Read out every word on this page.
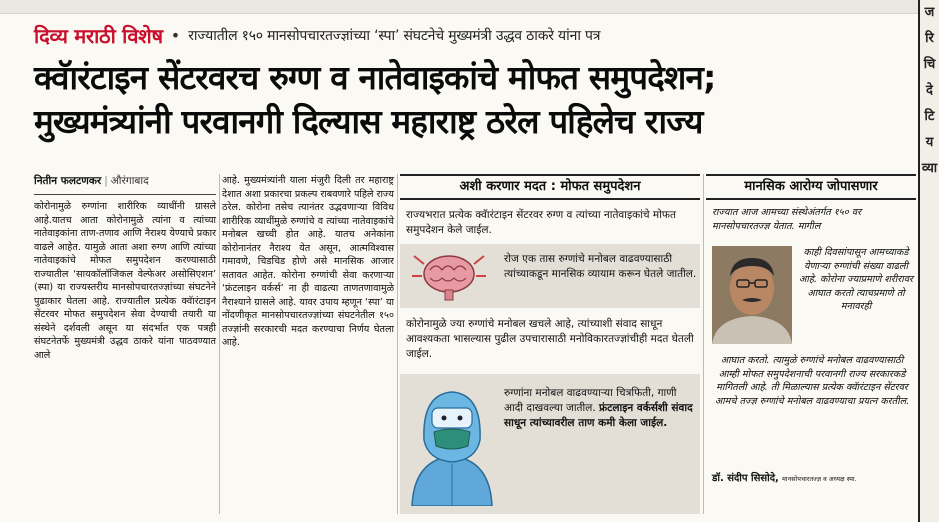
ज
रि
चि
दे
टि
य
व्या
दिव्य मराठी विशेष • राज्यातील १५० मानसोपचारतज्ज्ञांच्या ‘स्पा’ संघटनेचे मुख्यमंत्री उद्धव ठाकरे यांना पत्र
क्वॅारंटाइन सेंटरवरच रुग्ण व नातेवाइकांचे मोफत समुपदेशन;
मुख्यमंत्र्यांनी परवानगी दिल्यास महाराष्ट्र ठरेल पहिलेच राज्य
नितीन फलटणकर | औरंगाबाद
कोरोनामुळे रुग्णांना शारीरिक व्याधींनी ग्रासले आहे.यातच आता कोरोनामुळे त्यांना व त्यांच्या नातेवाइकांना ताण-तणाव आणि नैराश्य येण्याचे प्रकार वाढले आहेत. यामुळे आता अशा रुग्ण आणि त्यांच्या नातेवाइकांचे मोफत समुपदेशन करण्यासाठी राज्यातील ‘सायकॉलॉजिकल वेल्फेअर असोसिएशन’ (स्पा) या राज्यस्तरीय मानसोपचारतज्ज्ञांच्या संघटनेने पुढाकार घेतला आहे. राज्यातील प्रत्येक क्वॅारंटाइन सेंटरवर मोफत समुपदेशन सेवा देण्याची तयारी या संस्थेने दर्शवली असून या संदर्भात एक पत्रही संघटनेतर्फे मुख्यमंत्री उद्धव ठाकरे यांना पाठवण्यात आले
आहे. मुख्यमंत्र्यांनी याला मंजुरी दिली तर महाराष्ट्र देशात अशा प्रकारचा प्रकल्प राबवणारे पहिले राज्य ठरेल. कोरोना तसेच त्यानंतर उद्भवणाऱ्या विविध शारीरिक व्याधींमुळे रुग्णांचे व त्यांच्या नातेवाइकांचे मनोबल खच्ची होत आहे. यातच अनेकांना कोरोनानंतर नैराश्य येत असून, आत्मविश्वास गमावणे, चिडचिड होणे असे मानसिक आजार सतावत आहेत. कोरोना रुग्णांची सेवा करणाऱ्या ‘फ्रंटलाइन वर्कर्स’ ना ही वाढत्या ताणतणावामुळे नैराश्याने ग्रासले आहे. यावर उपाय म्हणून ‘स्पा’ या नोंदणीकृत मानसोपचारतज्ज्ञांच्या संघटनेतील १५० तज्ज्ञांनी सरकारची मदत करण्याचा निर्णय घेतला आहे.
अशी करणार मदत : मोफत समुपदेशन
राज्यभरात प्रत्येक क्वॅारंटाइन सेंटरवर रुग्ण व त्यांच्या नातेवाइकांचे मोफत समुपदेशन केले जाईल.
रोज एक तास रुग्णांचे मनोबल वाढवण्यासाठी त्यांच्याकडून मानसिक व्यायाम करून घेतले जातील.
कोरोनामुळे ज्या रुग्णांचे मनोबल खचले आहे, त्यांच्याशी संवाद साधून आवश्यकता भासल्यास पुढील उपचारासाठी मनोविकारतज्ज्ञांचीही मदत घेतली जाईल.
रुग्णांना मनोबल वाढवण्याऱ्या चित्रफिती, गाणी आदी दाखवल्या जातील. फ्रंटलाइन वर्कर्सशी संवाद साधून त्यांच्यावरील ताण कमी केला जाईल.
मानसिक आरोग्य जोपासणार
राज्यात आज आमच्या संस्थेअंतर्गत १५० वर मानसोपचारतज्ज्ञ येतात. मागील
काही दिवसांपासून आमच्याकडे येणाऱ्या रुग्णांची संख्या वाढली आहे. कोरोना ज्याप्रमाणे शरीरावर आघात करतो त्याचप्रमाणे तो मनावरही
आघात करतो. त्यामुळे रुग्णांचे मनोबल वाढवण्यासाठी आम्ही मोफत समुपदेशनाची परवानगी राज्य सरकारकडे मागितली आहे. ती मिळाल्यास प्रत्येक क्वॅारंटाइन सेंटरवर आमचे तज्ज्ञ रुग्णांचे मनोबल वाढवण्याचा प्रयत्न करतील.
डॉ. संदीप सिसोदे, मानसोपचारतज्ज्ञ व अध्यक्ष स्पा.
